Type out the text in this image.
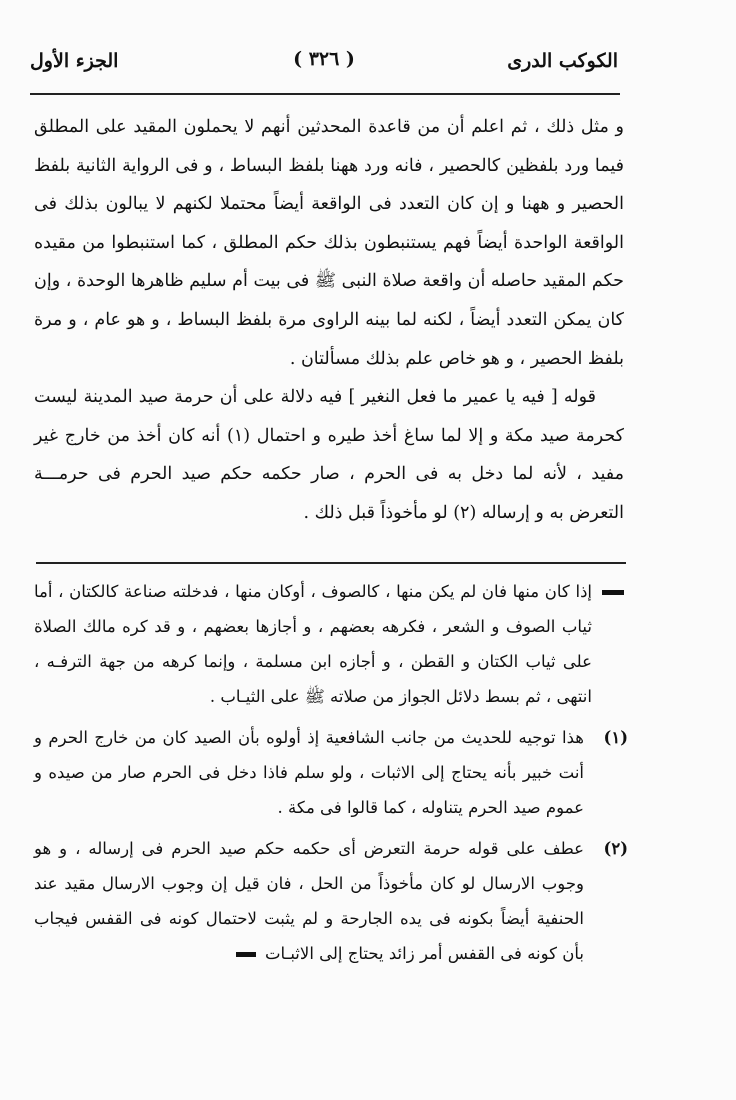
الكوكب الدرى
( ٣٢٦ )
الجزء الأول

و مثل ذلك ، ثم اعلم أن من قاعدة المحدثين أنهم لا يحملون المقيد على المطلق فيما ورد بلفظين كالحصير ، فانه ورد ههنا بلفظ البساط ، و فى الرواية الثانية بلفظ الحصير و ههنا و إن كان التعدد فى الواقعة أيضاً محتملا لكنهم لا يبالون بذلك فى الواقعة الواحدة أيضاً فهم يستنبطون بذلك حكم المطلق ، كما استنبطوا من مقيده حكم المقيد حاصله أن واقعة صلاة النبى ﷺ فى بيت أم سليم ظاهرها الوحدة ، وإن كان يمكن التعدد أيضاً ، لكنه لما بينه الراوى مرة بلفظ البساط ، و هو عام ، و مرة بلفظ الحصير ، و هو خاص علم بذلك مسألتان .

قوله [ فيه يا عمير ما فعل النغير ] فيه دلالة على أن حرمة صيد المدينة ليست كحرمة صيد مكة و إلا لما ساغ أخذ طيره و احتمال (١) أنه كان أخذ من خارج غير مفيد ، لأنه لما دخل به فى الحرم ، صار حكمه حكم صيد الحرم فى حرمـــة التعرض به و إرساله (٢) لو مأخوذاً قبل ذلك .

إذا كان منها فان لم يكن منها ، كالصوف ، أوكان منها ، فدخلته صناعة كالكتان ، أما ثياب الصوف و الشعر ، فكرهه بعضهم ، و أجازها بعضهم ، و قد كره مالك الصلاة على ثياب الكتان و القطن ، و أجازه ابن مسلمة ، وإنما كرهه من جهة الترفـه ، انتهى ، ثم بسط دلائل الجواز من صلاته ﷺ على الثيـاب .
(١)
هذا توجيه للحديث من جانب الشافعية إذ أولوه بأن الصيد كان من خارج الحرم و أنت خبير بأنه يحتاج إلى الاثبات ، ولو سلم فاذا دخل فى الحرم صار من صيده و عموم صيد الحرم يتناوله ، كما قالوا فى مكة .
(٢)
عطف على قوله حرمة التعرض أى حكمه حكم صيد الحرم فى إرساله ، و هو وجوب الارسال لو كان مأخوذاً من الحل ، فان قيل إن وجوب الارسال مقيد عند الحنفية أيضاً بكونه فى يده الجارحة و لم يثبت لاحتمال كونه فى القفس فيجاب بأن كونه فى القفس أمر زائد يحتاج إلى الاثبـات
